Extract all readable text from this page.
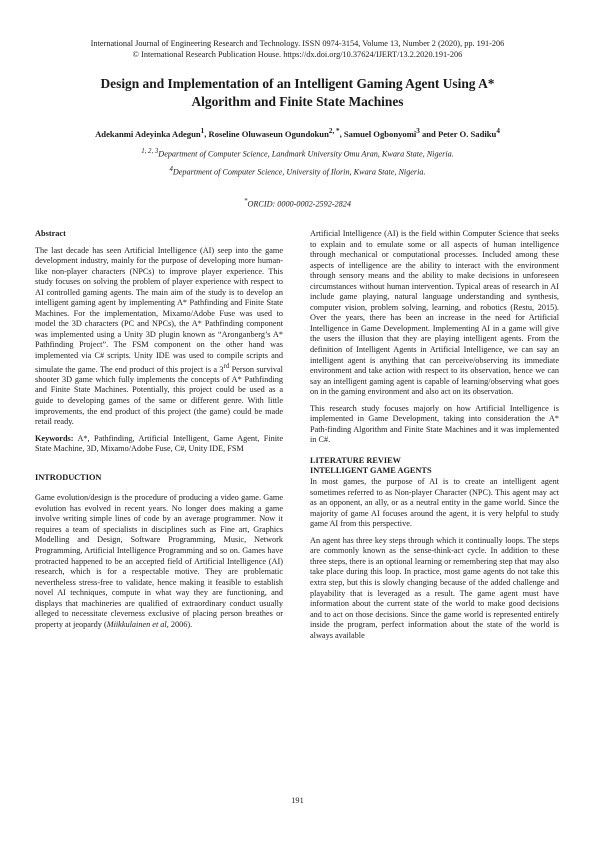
International Journal of Engineering Research and Technology. ISSN 0974-3154, Volume 13, Number 2 (2020), pp. 191-206
© International Research Publication House. https://dx.doi.org/10.37624/IJERT/13.2.2020.191-206
Design and Implementation of an Intelligent Gaming Agent Using A*
Algorithm and Finite State Machines
Adekanmi Adeyinka Adegun$^1$, Roseline Oluwaseun Ogundokun$^{2, *}$, Samuel Ogbonyomi$^3$ and Peter O. Sadiku$^4$
$^{1, 2, 3}$Department of Computer Science, Landmark University Omu Aran, Kwara State, Nigeria.
$^4$Department of Computer Science, University of Ilorin, Kwara State, Nigeria.
*ORCID: 0000-0002-2592-2824
Abstract

The last decade has seen Artificial Intelligence (AI) seep into the game development industry, mainly for the purpose of developing more human-like non-player characters (NPCs) to improve player experience. This study focuses on solving the problem of player experience with respect to AI controlled gaming agents. The main aim of the study is to develop an intelligent gaming agent by implementing A* Pathfinding and Finite State Machines. For the implementation, Mixamo/Adobe Fuse was used to model the 3D characters (PC and NPCs), the A* Pathfinding component was implemented using a Unity 3D plugin known as “Aronganberg’s A* Pathfinding Project”. The FSM component on the other hand was implemented via C# scripts. Unity IDE was used to compile scripts and simulate the game. The end product of this project is a 3rd Person survival shooter 3D game which fully implements the concepts of A* Pathfinding and Finite State Machines. Potentially, this project could be used as a guide to developing games of the same or different genre. With little improvements, the end product of this project (the game) could be made retail ready.

Keywords: A*, Pathfinding, Artificial Intelligent, Game Agent, Finite State Machine, 3D, Mixamo/Adobe Fuse, C#, Unity IDE, FSM

INTRODUCTION

Game evolution/design is the procedure of producing a video game. Game evolution has evolved in recent years. No longer does making a game involve writing simple lines of code by an average programmer. Now it requires a team of specialists in disciplines such as Fine art, Graphics Modelling and Design, Software Programming, Music, Network Programming, Artificial Intelligence Programming and so on. Games have protracted happened to be an accepted field of Artificial Intelligence (AI) research, which is for a respectable motive. They are problematic nevertheless stress-free to validate, hence making it feasible to establish novel AI techniques, compute in what way they are functioning, and displays that machineries are qualified of extraordinary conduct usually alleged to necessitate cleverness exclusive of placing person breathes or property at jeopardy (Miikkulainen et al, 2006).

Artificial Intelligence (AI) is the field within Computer Science that seeks to explain and to emulate some or all aspects of human intelligence through mechanical or computational processes. Included among these aspects of intelligence are the ability to interact with the environment through sensory means and the ability to make decisions in unforeseen circumstances without human intervention. Typical areas of research in AI include game playing, natural language understanding and synthesis, computer vision, problem solving, learning, and robotics (Restu, 2015). Over the years, there has been an increase in the need for Artificial Intelligence in Game Development. Implementing AI in a game will give the users the illusion that they are playing intelligent agents. From the definition of Intelligent Agents in Artificial Intelligence, we can say an intelligent agent is anything that can perceive/observing its immediate environment and take action with respect to its observation, hence we can say an intelligent gaming agent is capable of learning/observing what goes on in the gaming environment and also act on its observation.

This research study focuses majorly on how Artificial Intelligence is implemented in Game Development, taking into consideration the A* Path-finding Algorithm and Finite State Machines and it was implemented in C#.

LITERATURE REVIEW
INTELLIGENT GAME AGENTS

In most games, the purpose of AI is to create an intelligent agent sometimes referred to as Non-player Character (NPC). This agent may act as an opponent, an ally, or as a neutral entity in the game world. Since the majority of game AI focuses around the agent, it is very helpful to study game AI from this perspective.

An agent has three key steps through which it continually loops. The steps are commonly known as the sense-think-act cycle. In addition to these three steps, there is an optional learning or remembering step that may also take place during this loop. In practice, most game agents do not take this extra step, but this is slowly changing because of the added challenge and playability that is leveraged as a result. The game agent must have information about the current state of the world to make good decisions and to act on those decisions. Since the game world is represented entirely inside the program, perfect information about the state of the world is always available

191
